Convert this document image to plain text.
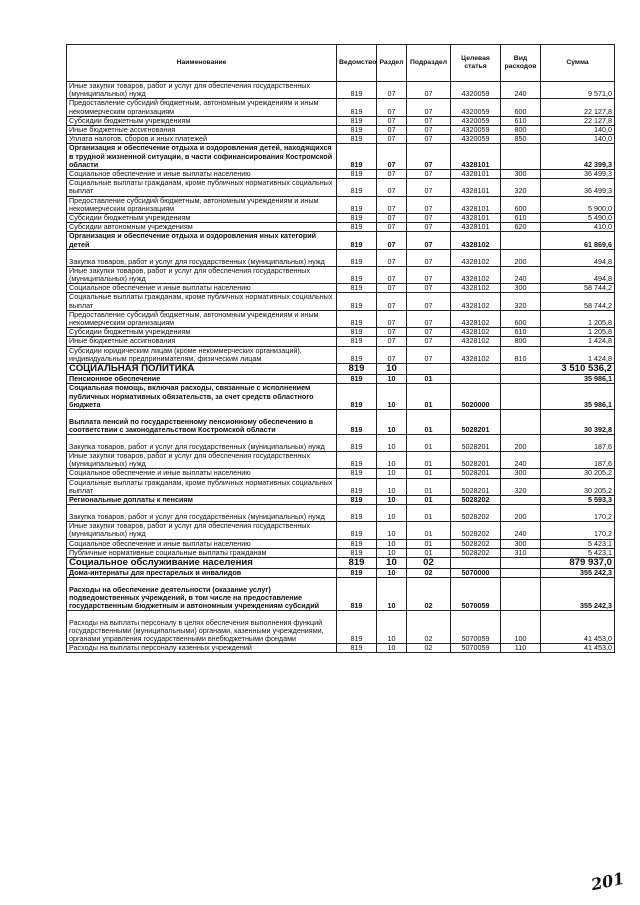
Наименование	Ведомство	Раздел	Подраздел	Целевая статья	Вид расходов	Сумма
Иные закупки товаров, работ и услуг для обеспечения государственных (муниципальных) нужд	819	07	07	4320059	240	9 571,0
Предоставление субсидий бюджетным, автономным учреждениям и иным некоммерческим организациям	819	07	07	4320059	600	22 127,8
Субсидии бюджетным учреждениям	819	07	07	4320059	610	22 127,8
Иные бюджетные ассигнования	819	07	07	4320059	800	140,0
Уплата налогов, сборов и иных платежей	819	07	07	4320059	850	140,0
Организация и обеспечение отдыха и оздоровления детей, находящихся в трудной жизненной ситуации, в части софинансирования Костромской области	819	07	07	4328101		42 399,3
Социальное обеспечение и иные выплаты населению	819	07	07	4328101	300	36 499,3
Социальные выплаты гражданам, кроме публичных нормативных социальных выплат	819	07	07	4328101	320	36 499,3
Предоставление субсидий бюджетным, автономным учреждениям и иным некоммерческим организациям	819	07	07	4328101	600	5 900,0
Субсидии бюджетным учреждениям	819	07	07	4328101	610	5 490,0
Субсидии автономным учреждениям	819	07	07	4328101	620	410,0
Организация и обеспечение отдыха и оздоровления иных категорий детей	819	07	07	4328102		61 869,6
Закупка товаров, работ и услуг для государственных (муниципальных) нужд	819	07	07	4328102	200	494,8
Иные закупки товаров, работ и услуг для обеспечения государственных (муниципальных) нужд	819	07	07	4328102	240	494,8
Социальное обеспечение и иные выплаты населению	819	07	07	4328102	300	58 744,2
Социальные выплаты гражданам, кроме публичных нормативных социальных выплат	819	07	07	4328102	320	58 744,2
Предоставление субсидий бюджетным, автономным учреждениям и иным некоммерческим организациям	819	07	07	4328102	600	1 205,8
Субсидии бюджетным учреждениям	819	07	07	4328102	610	1 205,8
Иные бюджетные ассигнования	819	07	07	4328102	800	1 424,8
Субсидии юридическим лицам (кроме некоммерческих организаций), индивидуальным предпринимателям, физическим лицам	819	07	07	4328102	810	1 424,8
СОЦИАЛЬНАЯ ПОЛИТИКА	819	10				3 510 536,2
Пенсионное обеспечение	819	10	01			35 986,1
Социальная помощь, включая расходы, связанные с исполнением публичных нормативных обязательств, за счет средств областного бюджета	819	10	01	5020000		35 986,1
Выплата пенсий по государственному пенсионному обеспечению в соответствии с законодательством Костромской области	819	10	01	5028201		30 392,8
Закупка товаров, работ и услуг для государственных (муниципальных) нужд	819	10	01	5028201	200	187,6
Иные закупки товаров, работ и услуг для обеспечения государственных (муниципальных) нужд	819	10	01	5028201	240	187,6
Социальное обеспечение и иные выплаты населению	819	10	01	5028201	300	30 205,2
Социальные выплаты гражданам, кроме публичных нормативных социальных выплат	819	10	01	5028201	320	30 205,2
Региональные доплаты к пенсиям	819	10	01	5028202		5 593,3
Закупка товаров, работ и услуг для государственных (муниципальных) нужд	819	10	01	5028202	200	170,2
Иные закупки товаров, работ и услуг для обеспечения государственных (муниципальных) нужд	819	10	01	5028202	240	170,2
Социальное обеспечение и иные выплаты населению	819	10	01	5028202	300	5 423,1
Публичные нормативные социальные выплаты гражданам	819	10	01	5028202	310	5 423,1
Социальное обслуживание населения	819	10	02			879 937,0
Дома-интернаты для престарелых и инвалидов	819	10	02	5070000		355 242,3
Расходы на обеспечение деятельности (оказание услуг) подведомственных учреждений, в том числе на предоставление государственным бюджетным и автономным учреждениям субсидий	819	10	02	5070059		355 242,3
Расходы на выплаты персоналу в целях обеспечения выполнения функций государственными (муниципальными) органами, казенными учреждениями, органами управления государственными внебюджетными фондами	819	10	02	5070059	100	41 453,0
Расходы на выплаты персоналу казенных учреждений	819	10	02	5070059	110	41 453,0
201
